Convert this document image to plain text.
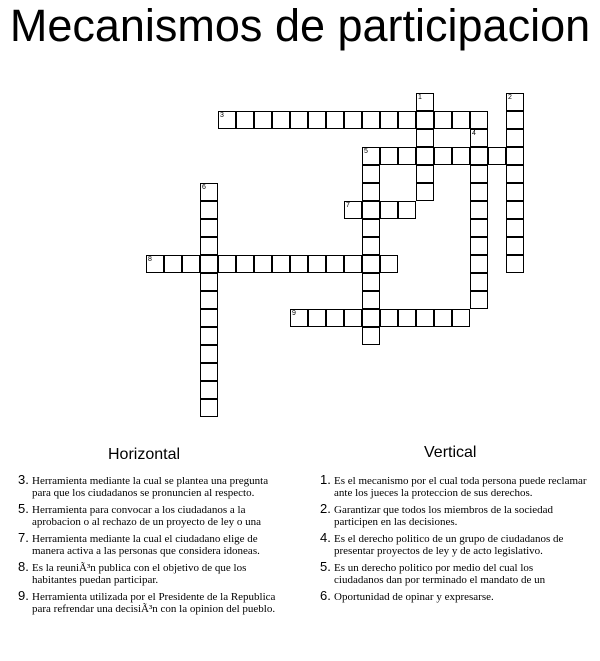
Mecanismos de participacion
1	2
3
4
5
6
7
8
9
Horizontal	Vertical
3. Herramienta mediante la cual se plantea una pregunta
para que los ciudadanos se pronuncien al respecto.
5. Herramienta para convocar a los ciudadanos a la
aprobacion o al rechazo de un proyecto de ley o una
7. Herramienta mediante la cual el ciudadano elige de
manera activa a las personas que considera idoneas.
8. Es la reuniÃ³n publica con el objetivo de que los
habitantes puedan participar.
9. Herramienta utilizada por el Presidente de la Republica
para refrendar una decisiÃ³n con la opinion del pueblo.
1. Es el mecanismo por el cual toda persona puede reclamar
ante los jueces la proteccion de sus derechos.
2. Garantizar que todos los miembros de la sociedad
participen en las decisiones.
4. Es el derecho politico de un grupo de ciudadanos de
presentar proyectos de ley y de acto legislativo.
5. Es un derecho politico por medio del cual los
ciudadanos dan por terminado el mandato de un
6. Oportunidad de opinar y expresarse.
